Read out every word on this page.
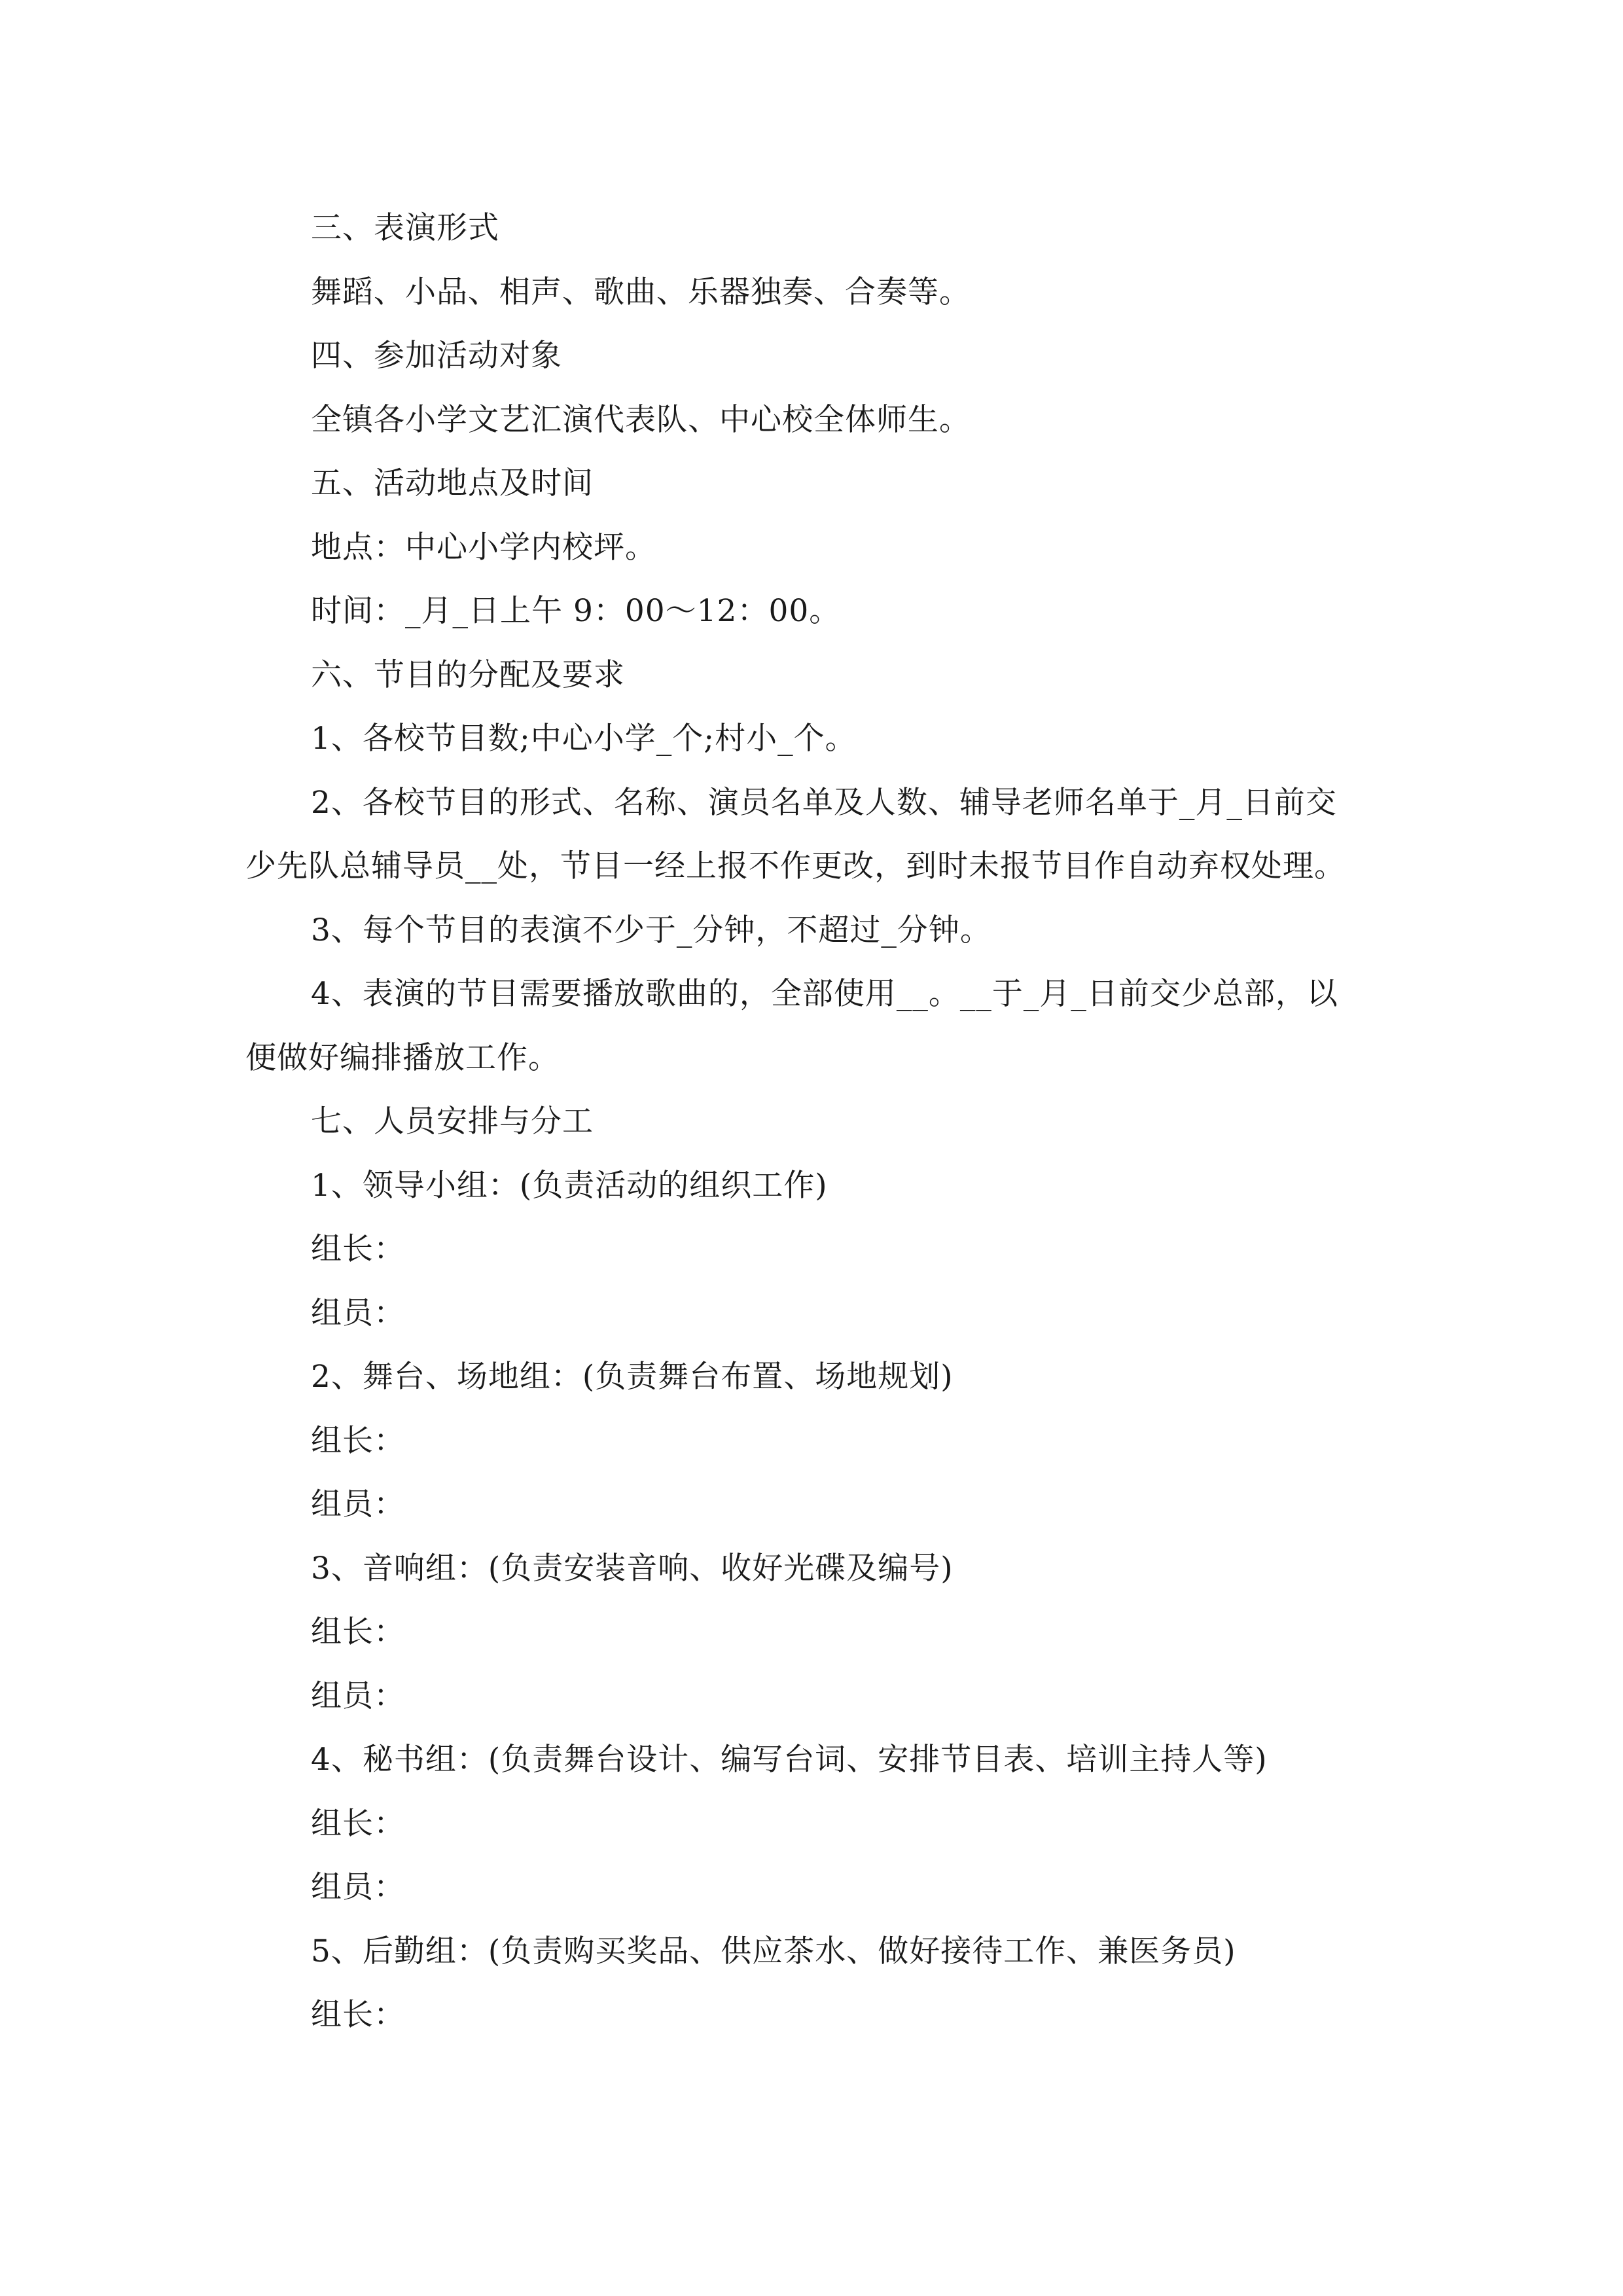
三、表演形式
舞蹈、小品、相声、歌曲、乐器独奏、合奏等。
四、参加活动对象
全镇各小学文艺汇演代表队、中心校全体师生。
五、活动地点及时间
地点：中心小学内校坪。
时间：_月_日上午 9：00～12：00。
六、节目的分配及要求
1、各校节目数;中心小学_个;村小_个。
2、各校节目的形式、名称、演员名单及人数、辅导老师名单于_月_日前交
少先队总辅导员__处，节目一经上报不作更改，到时未报节目作自动弃权处理。
3、每个节目的表演不少于_分钟，不超过_分钟。
4、表演的节目需要播放歌曲的，全部使用__。__于_月_日前交少总部，以
便做好编排播放工作。
七、人员安排与分工
1、领导小组：(负责活动的组织工作)
组长：
组员：
2、舞台、场地组：(负责舞台布置、场地规划)
组长：
组员：
3、音响组：(负责安装音响、收好光碟及编号)
组长：
组员：
4、秘书组：(负责舞台设计、编写台词、安排节目表、培训主持人等)
组长：
组员：
5、后勤组：(负责购买奖品、供应茶水、做好接待工作、兼医务员)
组长：
